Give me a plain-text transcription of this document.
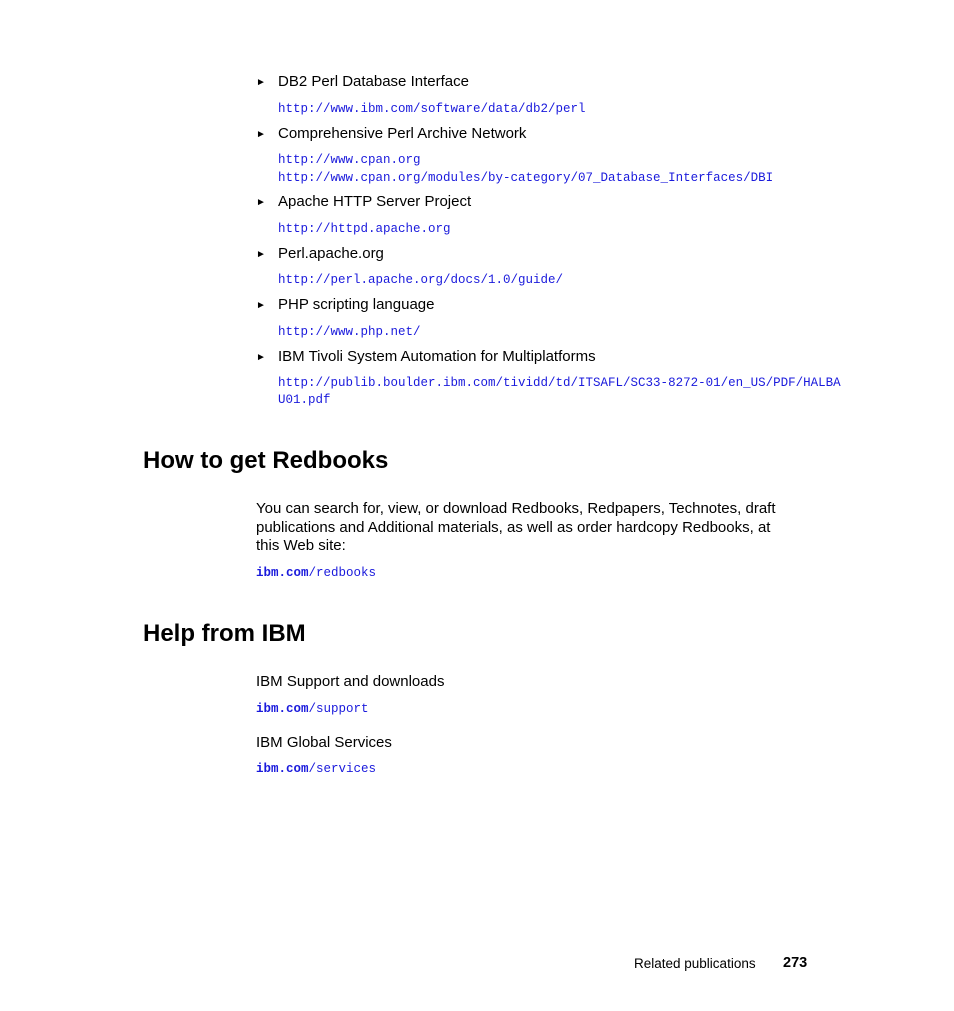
► DB2 Perl Database Interface
http://www.ibm.com/software/data/db2/perl
► Comprehensive Perl Archive Network
http://www.cpan.org
http://www.cpan.org/modules/by-category/07_Database_Interfaces/DBI
► Apache HTTP Server Project
http://httpd.apache.org
► Perl.apache.org
http://perl.apache.org/docs/1.0/guide/
► PHP scripting language
http://www.php.net/
► IBM Tivoli System Automation for Multiplatforms
http://publib.boulder.ibm.com/tividd/td/ITSAFL/SC33-8272-01/en_US/PDF/HALBA
U01.pdf
How to get Redbooks
You can search for, view, or download Redbooks, Redpapers, Technotes, draft
publications and Additional materials, as well as order hardcopy Redbooks, at
this Web site:
ibm.com/redbooks
Help from IBM
IBM Support and downloads
ibm.com/support
IBM Global Services
ibm.com/services
Related publications 273
